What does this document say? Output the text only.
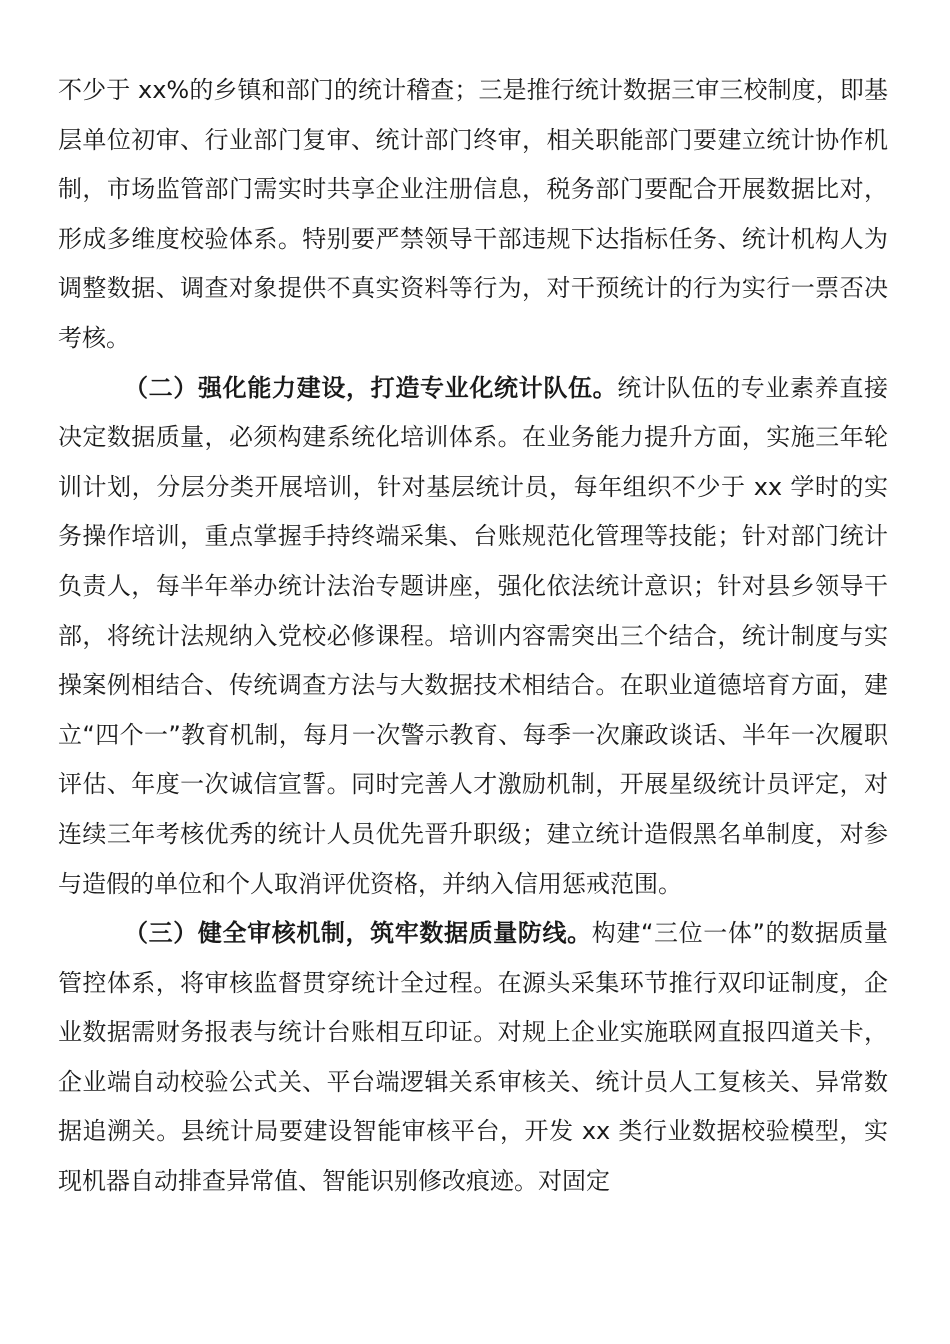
不少于 xx%的乡镇和部门的统计稽查；三是推行统计数据三审三校制度，即基层单位初审、行业部门复审、统计部门终审，相关职能部门要建立统计协作机制，市场监管部门需实时共享企业注册信息，税务部门要配合开展数据比对，形成多维度校验体系。特别要严禁领导干部违规下达指标任务、统计机构人为调整数据、调查对象提供不真实资料等行为，对干预统计的行为实行一票否决考核。

（二）强化能力建设，打造专业化统计队伍。统计队伍的专业素养直接决定数据质量，必须构建系统化培训体系。在业务能力提升方面，实施三年轮训计划，分层分类开展培训，针对基层统计员，每年组织不少于 xx 学时的实务操作培训，重点掌握手持终端采集、台账规范化管理等技能；针对部门统计负责人，每半年举办统计法治专题讲座，强化依法统计意识；针对县乡领导干部，将统计法规纳入党校必修课程。培训内容需突出三个结合，统计制度与实操案例相结合、传统调查方法与大数据技术相结合。在职业道德培育方面，建立“四个一”教育机制，每月一次警示教育、每季一次廉政谈话、半年一次履职评估、年度一次诚信宣誓。同时完善人才激励机制，开展星级统计员评定，对连续三年考核优秀的统计人员优先晋升职级；建立统计造假黑名单制度，对参与造假的单位和个人取消评优资格，并纳入信用惩戒范围。

（三）健全审核机制，筑牢数据质量防线。构建“三位一体”的数据质量管控体系，将审核监督贯穿统计全过程。在源头采集环节推行双印证制度，企业数据需财务报表与统计台账相互印证。对规上企业实施联网直报四道关卡，企业端自动校验公式关、平台端逻辑关系审核关、统计员人工复核关、异常数据追溯关。县统计局要建设智能审核平台，开发 xx 类行业数据校验模型，实现机器自动排查异常值、智能识别修改痕迹。对固定
